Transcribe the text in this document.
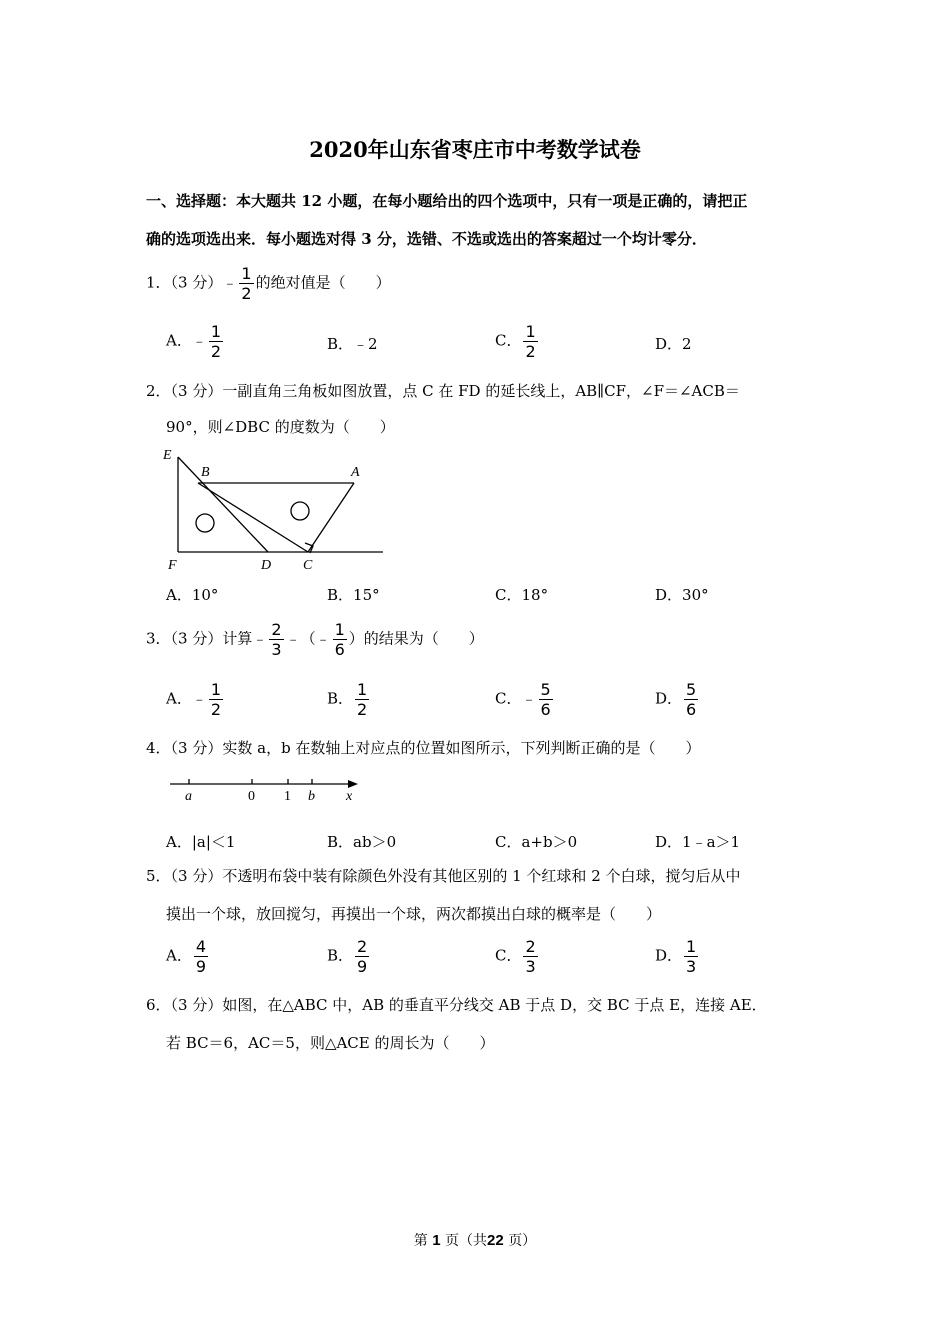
2020年山东省枣庄市中考数学试卷
一、选择题：本大题共 12 小题，在每小题给出的四个选项中，只有一项是正确的，请把正
确的选项选出来．每小题选对得 3 分，选错、不选或选出的答案超过一个均计零分．
1．（3 分）﹣ $\frac{1}{2}$ 的绝对值是（　　）
A．﹣ $\frac{1}{2}$	B．﹣2	C． $\frac{1}{2}$	D．2
2．（3 分）一副直角三角板如图放置，点 C 在 FD 的延长线上，AB∥CF，∠F＝∠ACB＝
90°，则∠DBC 的度数为（　　）
E
B	A
F	D C
A．10°	B．15°	C．18°	D．30°
3．（3 分）计算﹣ $\frac{2}{3}$ ﹣（﹣ $\frac{1}{6}$ ）的结果为（　　）
A．﹣ $\frac{1}{2}$	B． $\frac{1}{2}$	C．﹣ $\frac{5}{6}$	D． $\frac{5}{6}$
4．（3 分）实数 a，b 在数轴上对应点的位置如图所示，下列判断正确的是（　　）
a	0 1 b x
A．|a|＜1	B．ab＞0	C．a+b＞0	D．1﹣a＞1
5．（3 分）不透明布袋中装有除颜色外没有其他区别的 1 个红球和 2 个白球，搅匀后从中
摸出一个球，放回搅匀，再摸出一个球，两次都摸出白球的概率是（　　）
A． $\frac{4}{9}$	B． $\frac{2}{9}$	C． $\frac{2}{3}$	D． $\frac{1}{3}$
6．（3 分）如图，在△ABC 中，AB 的垂直平分线交 AB 于点 D，交 BC 于点 E，连接 AE．
若 BC＝6，AC＝5，则△ACE 的周长为（　　）
第 1 页（共22 页）
